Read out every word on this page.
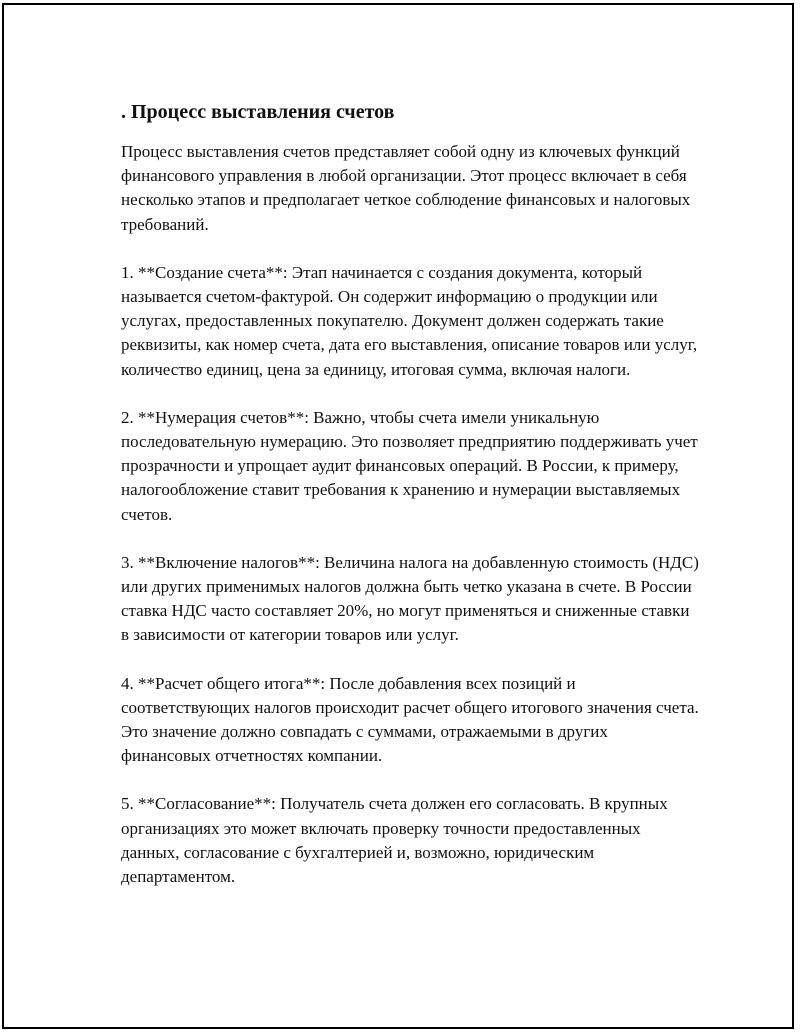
. Процесс выставления счетов

Процесс выставления счетов представляет собой одну из ключевых функций финансового управления в любой организации. Этот процесс включает в себя несколько этапов и предполагает четкое соблюдение финансовых и налоговых требований.

1. **Создание счета**: Этап начинается с создания документа, который называется счетом-фактурой. Он содержит информацию о продукции или услугах, предоставленных покупателю. Документ должен содержать такие реквизиты, как номер счета, дата его выставления, описание товаров или услуг, количество единиц, цена за единицу, итоговая сумма, включая налоги.

2. **Нумерация счетов**: Важно, чтобы счета имели уникальную последовательную нумерацию. Это позволяет предприятию поддерживать учет прозрачности и упрощает аудит финансовых операций. В России, к примеру, налогообложение ставит требования к хранению и нумерации выставляемых счетов.

3. **Включение налогов**: Величина налога на добавленную стоимость (НДС) или других применимых налогов должна быть четко указана в счете. В России ставка НДС часто составляет 20%, но могут применяться и сниженные ставки в зависимости от категории товаров или услуг.

4. **Расчет общего итога**: После добавления всех позиций и соответствующих налогов происходит расчет общего итогового значения счета. Это значение должно совпадать с суммами, отражаемыми в других финансовых отчетностях компании.

5. **Согласование**: Получатель счета должен его согласовать. В крупных организациях это может включать проверку точности предоставленных данных, согласование с бухгалтерией и, возможно, юридическим департаментом.
